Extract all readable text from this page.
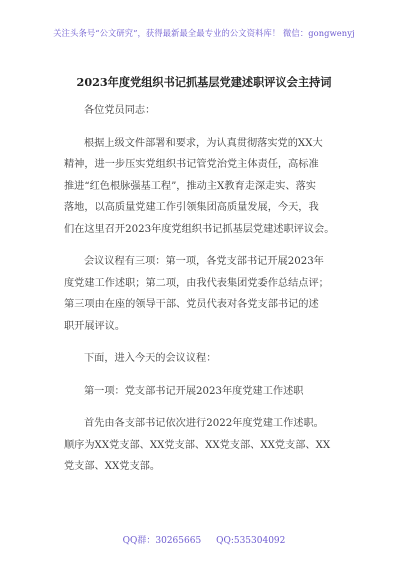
关注头条号“公文研究”，获得最新最全最专业的公文资料库！ 微信：gongwenyj
2023年度党组织书记抓基层党建述职评议会主持词

各位党员同志：

根据上级文件部署和要求，为认真贯彻落实党的XX大
精神，进一步压实党组织书记管党治党主体责任，高标准
推进“红色根脉强基工程”，推动主X教育走深走实、落实
落地，以高质量党建工作引领集团高质量发展，今天，我
们在这里召开2023年度党组织书记抓基层党建述职评议会。

会议议程有三项：第一项，各党支部书记开展2023年
度党建工作述职；第二项，由我代表集团党委作总结点评；
第三项由在座的领导干部、党员代表对各党支部书记的述
职开展评议。

下面，进入今天的会议议程：

第一项：党支部书记开展2023年度党建工作述职

首先由各支部书记依次进行2022年度党建工作述职。
顺序为XX党支部、XX党支部、XX党支部、XX党支部、XX
党支部、XX党支部。

QQ群：30265665 QQ:535304092
